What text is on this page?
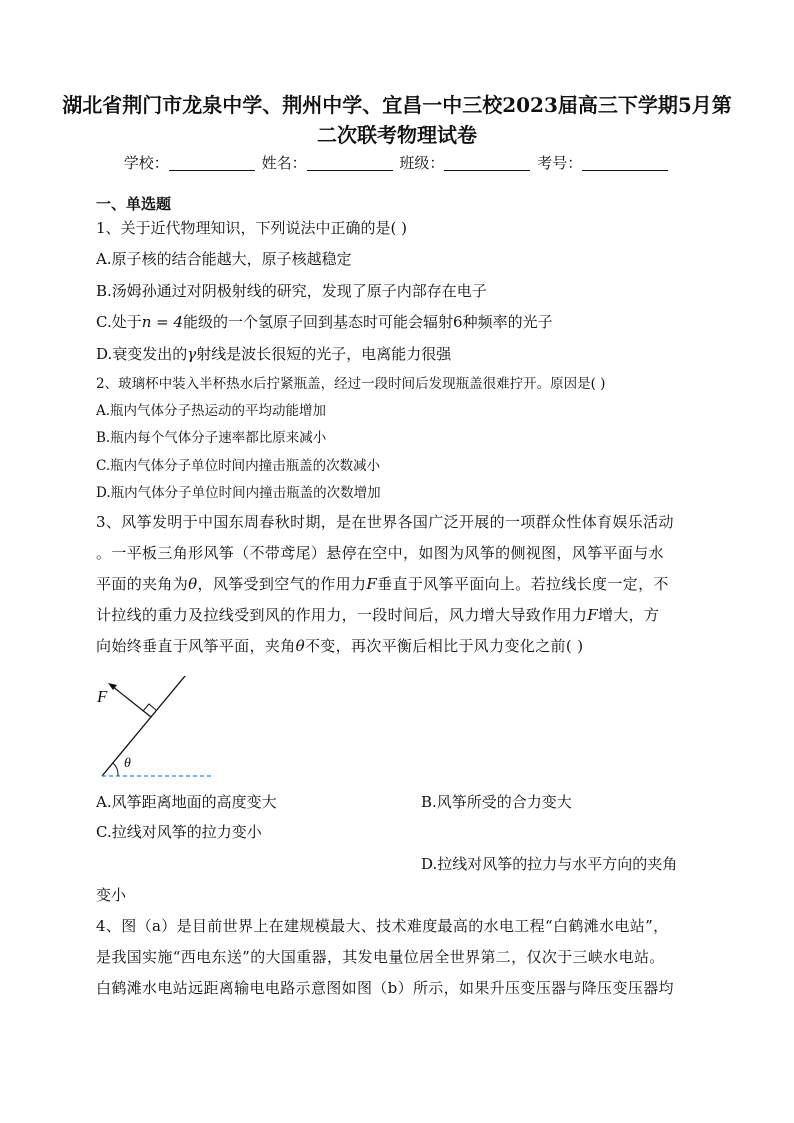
湖北省荆门市龙泉中学、荆州中学、宜昌一中三校2023届高三下学期5月第二次联考物理试卷
学校：	姓名：	班级：	考号：
一、单选题
1、关于近代物理知识，下列说法中正确的是( )
A.原子核的结合能越大，原子核越稳定
B.汤姆孙通过对阴极射线的研究，发现了原子内部存在电子
C.处于n = 4能级的一个氢原子回到基态时可能会辐射6种频率的光子
D.衰变发出的γ射线是波长很短的光子，电离能力很强
2、玻璃杯中装入半杯热水后拧紧瓶盖，经过一段时间后发现瓶盖很难拧开。原因是( )
A.瓶内气体分子热运动的平均动能增加
B.瓶内每个气体分子速率都比原来减小
C.瓶内气体分子单位时间内撞击瓶盖的次数减小
D.瓶内气体分子单位时间内撞击瓶盖的次数增加
3、风筝发明于中国东周春秋时期，是在世界各国广泛开展的一项群众性体育娱乐活动
。一平板三角形风筝（不带鸢尾）悬停在空中，如图为风筝的侧视图，风筝平面与水
平面的夹角为θ，风筝受到空气的作用力F垂直于风筝平面向上。若拉线长度一定，不
计拉线的重力及拉线受到风的作用力，一段时间后，风力增大导致作用力F增大，方
向始终垂直于风筝平面，夹角θ不变，再次平衡后相比于风力变化之前( )
F
θ
A.风筝距离地面的高度变大	B.风筝所受的合力变大
C.拉线对风筝的拉力变小
D.拉线对风筝的拉力与水平方向的夹角
变小
4、图（a）是目前世界上在建规模最大、技术难度最高的水电工程“白鹤滩水电站”，
是我国实施“西电东送”的大国重器，其发电量位居全世界第二，仅次于三峡水电站。
白鹤滩水电站远距离输电电路示意图如图（b）所示，如果升压变压器与降压变压器均
